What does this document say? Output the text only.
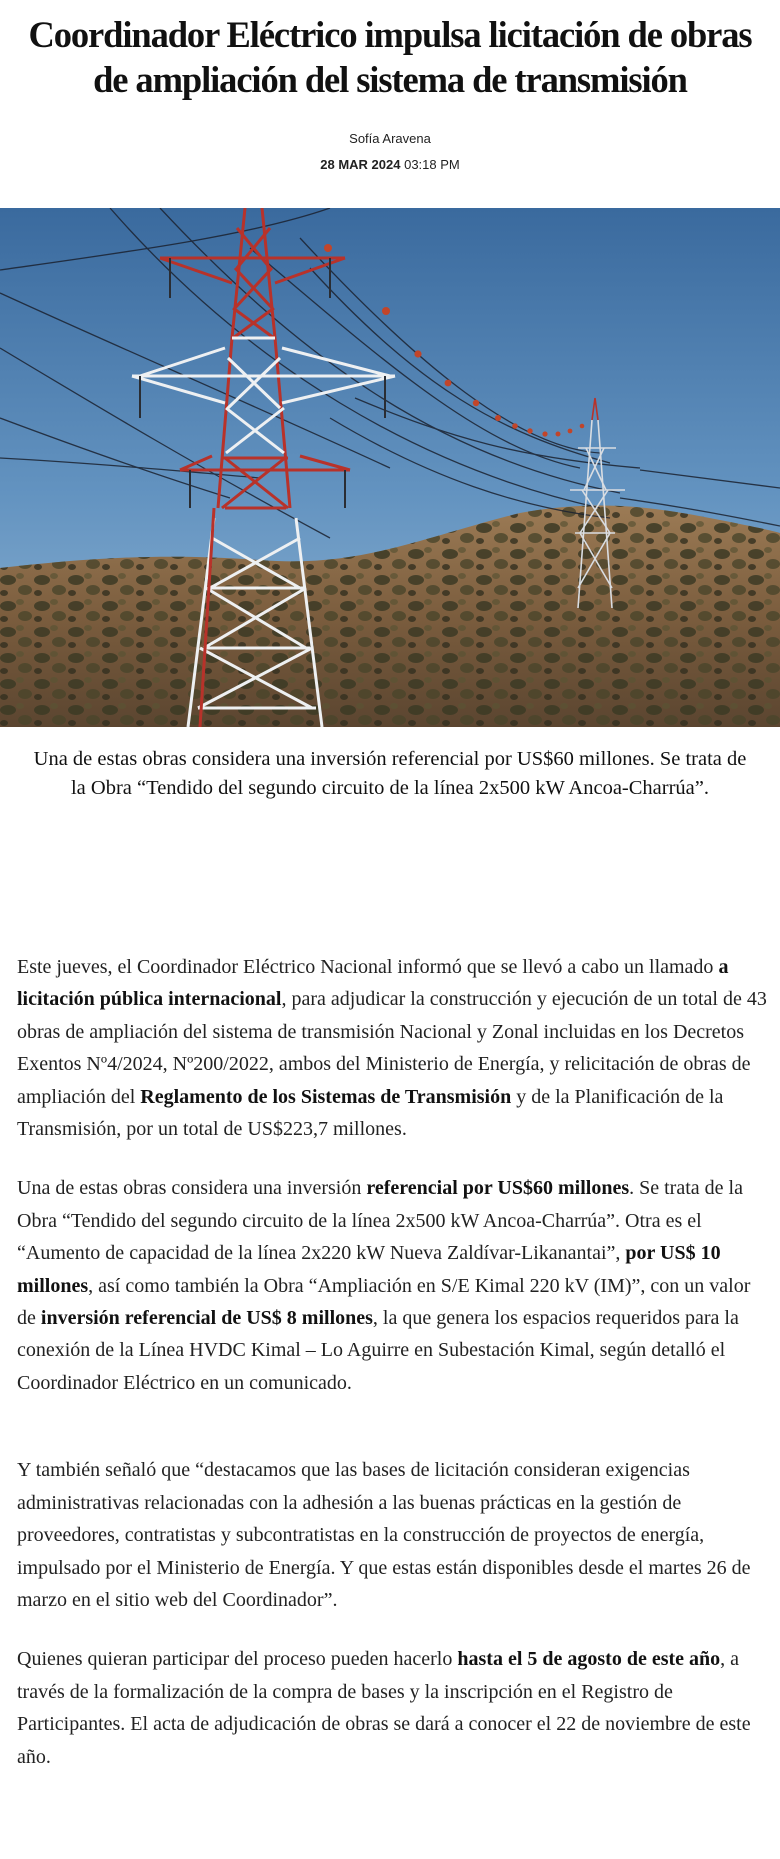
Coordinador Eléctrico impulsa licitación de obras de ampliación del sistema de transmisión
Sofía Aravena
28 MAR 2024 03:18 PM

Una de estas obras considera una inversión referencial por US$60 millones. Se trata de la Obra “Tendido del segundo circuito de la línea 2x500 kW Ancoa-Charrúa”.

Este jueves, el Coordinador Eléctrico Nacional informó que se llevó a cabo un llamado a licitación pública internacional, para adjudicar la construcción y ejecución de un total de 43 obras de ampliación del sistema de transmisión Nacional y Zonal incluidas en los Decretos Exentos Nº4/2024, Nº200/2022, ambos del Ministerio de Energía, y relicitación de obras de ampliación del Reglamento de los Sistemas de Transmisión y de la Planificación de la Transmisión, por un total de US$223,7 millones.

Una de estas obras considera una inversión referencial por US$60 millones. Se trata de la Obra “Tendido del segundo circuito de la línea 2x500 kW Ancoa-Charrúa”. Otra es el “Aumento de capacidad de la línea 2x220 kW Nueva Zaldívar-Likanantai”, por US$ 10 millones, así como también la Obra “Ampliación en S/E Kimal 220 kV (IM)”, con un valor de inversión referencial de US$ 8 millones, la que genera los espacios requeridos para la conexión de la Línea HVDC Kimal – Lo Aguirre en Subestación Kimal, según detalló el Coordinador Eléctrico en un comunicado.

Y también señaló que “destacamos que las bases de licitación consideran exigencias administrativas relacionadas con la adhesión a las buenas prácticas en la gestión de proveedores, contratistas y subcontratistas en la construcción de proyectos de energía, impulsado por el Ministerio de Energía. Y que estas están disponibles desde el martes 26 de marzo en el sitio web del Coordinador”.

Quienes quieran participar del proceso pueden hacerlo hasta el 5 de agosto de este año, a través de la formalización de la compra de bases y la inscripción en el Registro de Participantes. El acta de adjudicación de obras se dará a conocer el 22 de noviembre de este año.
